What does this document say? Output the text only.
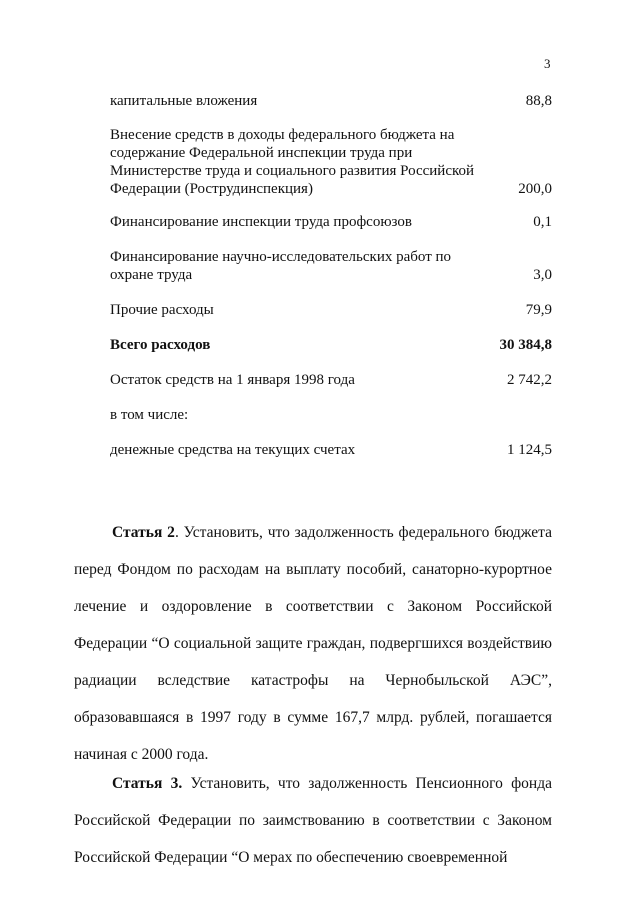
3
капитальные вложения	88,8
Внесение средств в доходы федерального бюджета на
содержание Федеральной инспекции труда при
Министерстве труда и социального развития Российской
Федерации (Рострудинспекция)	200,0
Финансирование инспекции труда профсоюзов	0,1
Финансирование научно-исследовательских работ по
охране труда	3,0
Прочие расходы	79,9
Всего расходов	30 384,8
Остаток средств на 1 января 1998 года	2 742,2
в том числе:
денежные средства на текущих счетах	1 124,5

Статья 2. Установить, что задолженность федерального бюджета перед Фондом по расходам на выплату пособий, санаторно-курортное лечение и оздоровление в соответствии с Законом Российской Федерации “О социальной защите граждан, подвергшихся воздействию радиации вследствие катастрофы на Чернобыльской АЭС”, образовавшаяся в 1997 году в сумме 167,7 млрд. рублей, погашается начиная с 2000 года.

Статья 3. Установить, что задолженность Пенсионного фонда Российской Федерации по заимствованию в соответствии с Законом Российской Федерации “О мерах по обеспечению своевременной
